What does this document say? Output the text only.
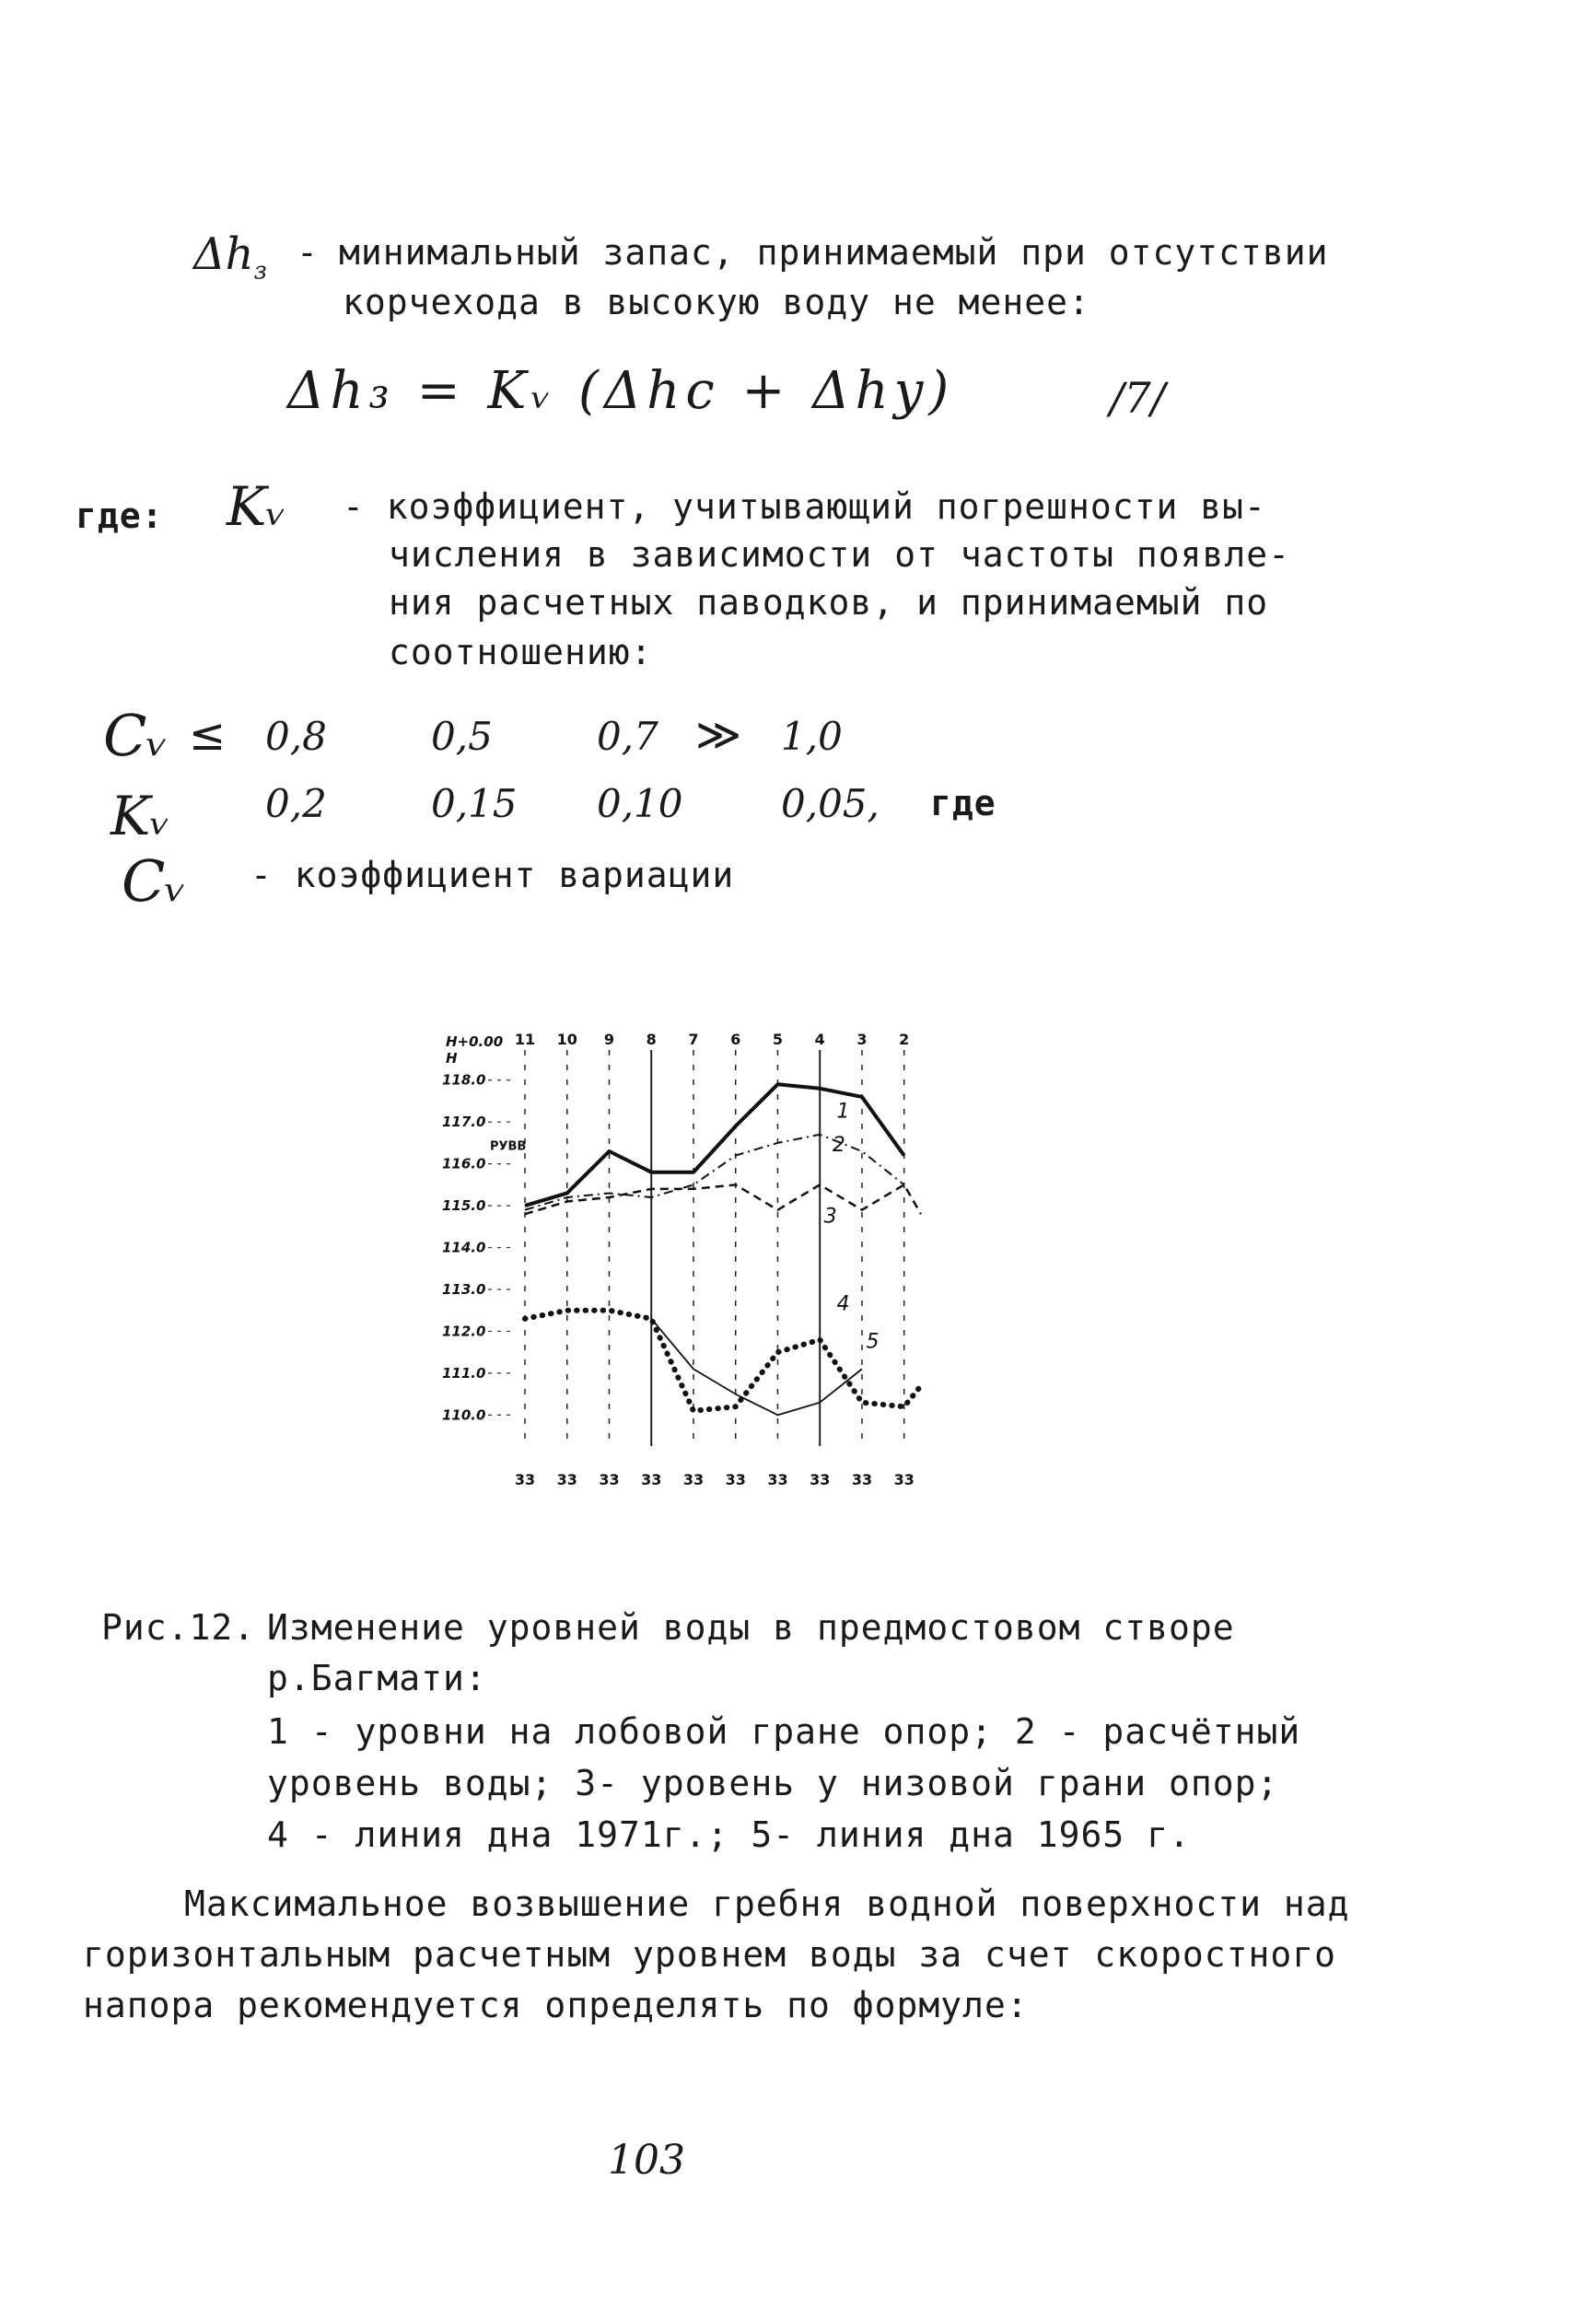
$\Delta h_з$ - минимальный запас, принимаемый при отсутствии
корчехода в высокую воду не менее:
Δh₃ = Kᵥ (Δhc + Δhy)	/7/
где: Kᵥ - коэффициент, учитывающий погрешности вы-
числения в зависимости от частоты появле-
ния расчетных паводков, и принимаемый по
соотношению:
Cᵥ ≤ 0,8	0,5	0,7 ≫ 1,0
Kᵥ 0,2	0,15 0,10	0,05, где
Cᵥ - коэффициент вариации
11
33
10
33
9
33
8
33
7
33
6
33
5
33
4
33
3
33
2
33
Н+0.00
Н
118.0
117.0
116.0
115.0
114.0
113.0
112.0
111.0
110.0
РУВВ
1
2
3
4
5
Рис.12. Изменение уровней воды в предмостовом створе
р.Багмати:
1 - уровни на лобовой гране опор; 2 - расчётный
уровень воды; 3- уровень у низовой грани опор;
4 - линия дна 1971г.; 5- линия дна 1965 г.
Максимальное возвышение гребня водной поверхности над
горизонтальным расчетным уровнем воды за счет скоростного
напора рекомендуется определять по формуле:
103
